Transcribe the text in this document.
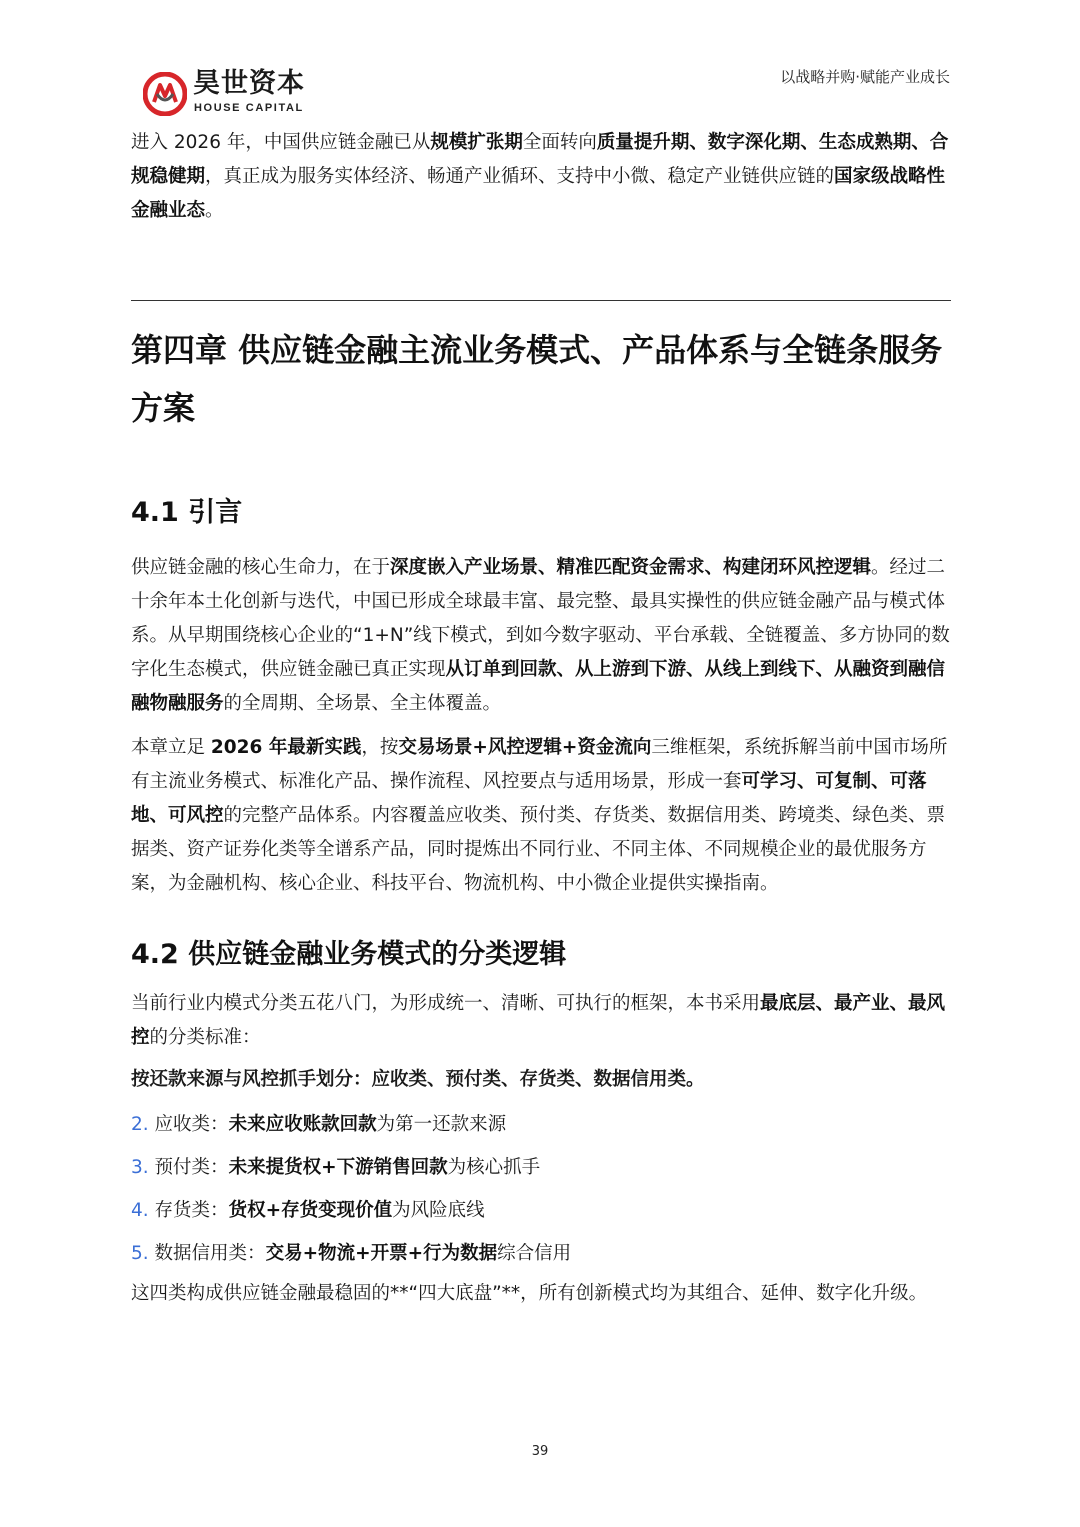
昊世资本
HOUSE CAPITAL
以战略并购·赋能产业成长

进入 2026 年，中国供应链金融已从规模扩张期全面转向质量提升期、数字深化期、生态成熟期、合规稳健期，真正成为服务实体经济、畅通产业循环、支持中小微、稳定产业链供应链的国家级战略性金融业态。

第四章 供应链金融主流业务模式、产品体系与全链条服务方案
4.1 引言

供应链金融的核心生命力，在于深度嵌入产业场景、精准匹配资金需求、构建闭环风控逻辑。经过二十余年本土化创新与迭代，中国已形成全球最丰富、最完整、最具实操性的供应链金融产品与模式体系。从早期围绕核心企业的“1+N”线下模式，到如今数字驱动、平台承载、全链覆盖、多方协同的数字化生态模式，供应链金融已真正实现从订单到回款、从上游到下游、从线上到线下、从融资到融信融物融服务的全周期、全场景、全主体覆盖。

本章立足 2026 年最新实践，按交易场景+风控逻辑+资金流向三维框架，系统拆解当前中国市场所有主流业务模式、标准化产品、操作流程、风控要点与适用场景，形成一套可学习、可复制、可落地、可风控的完整产品体系。内容覆盖应收类、预付类、存货类、数据信用类、跨境类、绿色类、票据类、资产证券化类等全谱系产品，同时提炼出不同行业、不同主体、不同规模企业的最优服务方案，为金融机构、核心企业、科技平台、物流机构、中小微企业提供实操指南。

4.2 供应链金融业务模式的分类逻辑

当前行业内模式分类五花八门，为形成统一、清晰、可执行的框架，本书采用最底层、最产业、最风控的分类标准：

按还款来源与风控抓手划分：应收类、预付类、存货类、数据信用类。

2. 应收类：未来应收账款回款为第一还款来源
3. 预付类：未来提货权+下游销售回款为核心抓手
4. 存货类：货权+存货变现价值为风险底线
5. 数据信用类：交易+物流+开票+行为数据综合信用

这四类构成供应链金融最稳固的**“四大底盘”**，所有创新模式均为其组合、延伸、数字化升级。

39
